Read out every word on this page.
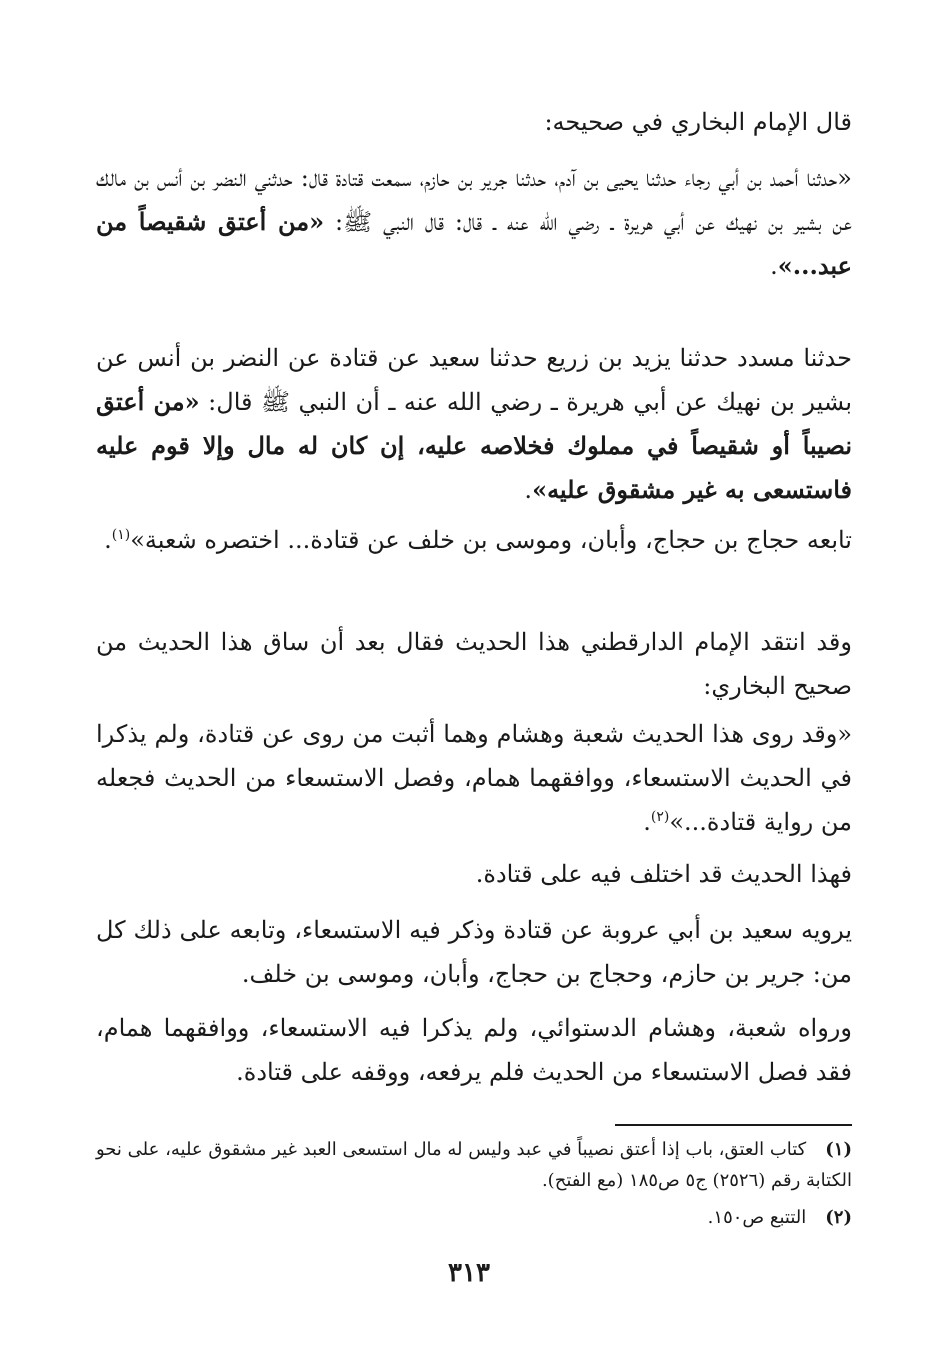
قال الإمام البخاري في صحيحه:

«حدثنا أحمد بن أبي رجاء حدثنا يحيى بن آدم، حدثنا جرير بن حازم، سمعت قتادة قال: حدثني النضر بن أنس بن مالك عن بشير بن نهيك عن أبي هريرة ـ رضي الله عنه ـ قال: قال النبي ﷺ: «من أعتق شقيصاً من عبد...».

حدثنا مسدد حدثنا يزيد بن زريع حدثنا سعيد عن قتادة عن النضر بن أنس عن بشير بن نهيك عن أبي هريرة ـ رضي الله عنه ـ أن النبي ﷺ قال: «من أعتق نصيباً أو شقيصاً في مملوك فخلاصه عليه، إن كان له مال وإلا قوم عليه فاستسعى به غير مشقوق عليه».

تابعه حجاج بن حجاج، وأبان، وموسى بن خلف عن قتادة... اختصره شعبة»$^{(١)}$.

وقد انتقد الإمام الدارقطني هذا الحديث فقال بعد أن ساق هذا الحديث من صحيح البخاري:

«وقد روى هذا الحديث شعبة وهشام وهما أثبت من روى عن قتادة، ولم يذكرا في الحديث الاستسعاء، ووافقهما همام، وفصل الاستسعاء من الحديث فجعله من رواية قتادة...»$^{(٢)}$.

فهذا الحديث قد اختلف فيه على قتادة.

يرويه سعيد بن أبي عروبة عن قتادة وذكر فيه الاستسعاء، وتابعه على ذلك كل من: جرير بن حازم، وحجاج بن حجاج، وأبان، وموسى بن خلف.

ورواه شعبة، وهشام الدستوائي، ولم يذكرا فيه الاستسعاء، ووافقهما همام، فقد فصل الاستسعاء من الحديث فلم يرفعه، ووقفه على قتادة.

(١) كتاب العتق، باب إذا أعتق نصيباً في عبد وليس له مال استسعى العبد غير مشقوق عليه، على نحو الكتابة رقم (٢٥٢٦) ج٥ ص١٨٥ (مع الفتح).

(٢) التتبع ص١٥٠.

٣١٣
